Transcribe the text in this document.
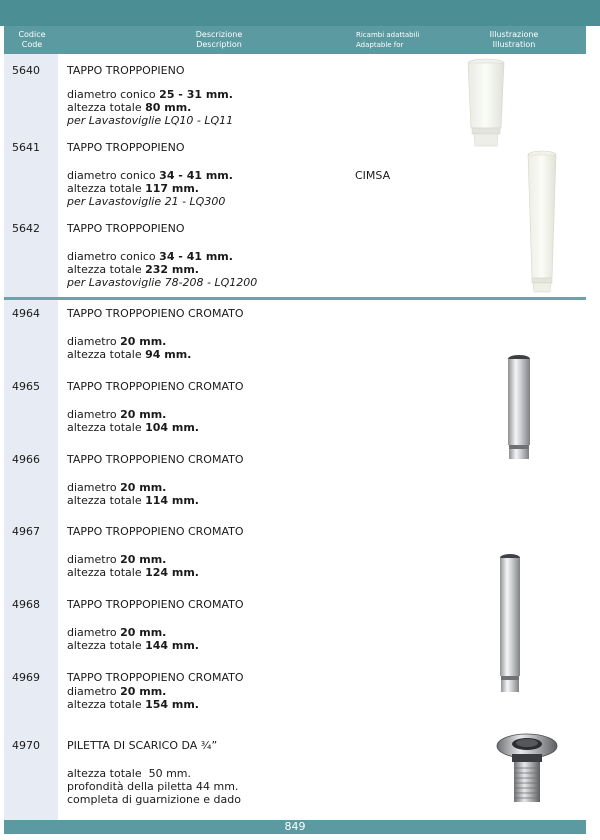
Codice
Code
Descrizione
Description
Ricambi adattabili
Adaptable for
Illustrazione
Illustration
5640 TAPPO TROPPOPIENO
diametro conico 25 - 31 mm.
altezza totale 80 mm.
per Lavastoviglie LQ10 - LQ11
5641 TAPPO TROPPOPIENO
diametro conico 34 - 41 mm.
altezza totale 117 mm.
per Lavastoviglie 21 - LQ300
5642 TAPPO TROPPOPIENO
diametro conico 34 - 41 mm.
altezza totale 232 mm.
per Lavastoviglie 78-208 - LQ1200
4964 TAPPO TROPPOPIENO CROMATO
diametro 20 mm.
altezza totale 94 mm.
4965 TAPPO TROPPOPIENO CROMATO
diametro 20 mm.
altezza totale 104 mm.
4966 TAPPO TROPPOPIENO CROMATO
diametro 20 mm.
altezza totale 114 mm.
4967 TAPPO TROPPOPIENO CROMATO
diametro 20 mm.
altezza totale 124 mm.
4968 TAPPO TROPPOPIENO CROMATO
diametro 20 mm.
altezza totale 144 mm.
4969 TAPPO TROPPOPIENO CROMATO
diametro 20 mm.
altezza totale 154 mm.
4970 PILETTA DI SCARICO DA ¾”
altezza totale  50 mm.
profondità della piletta 44 mm.
completa di guarnizione e dado
CIMSA
849
